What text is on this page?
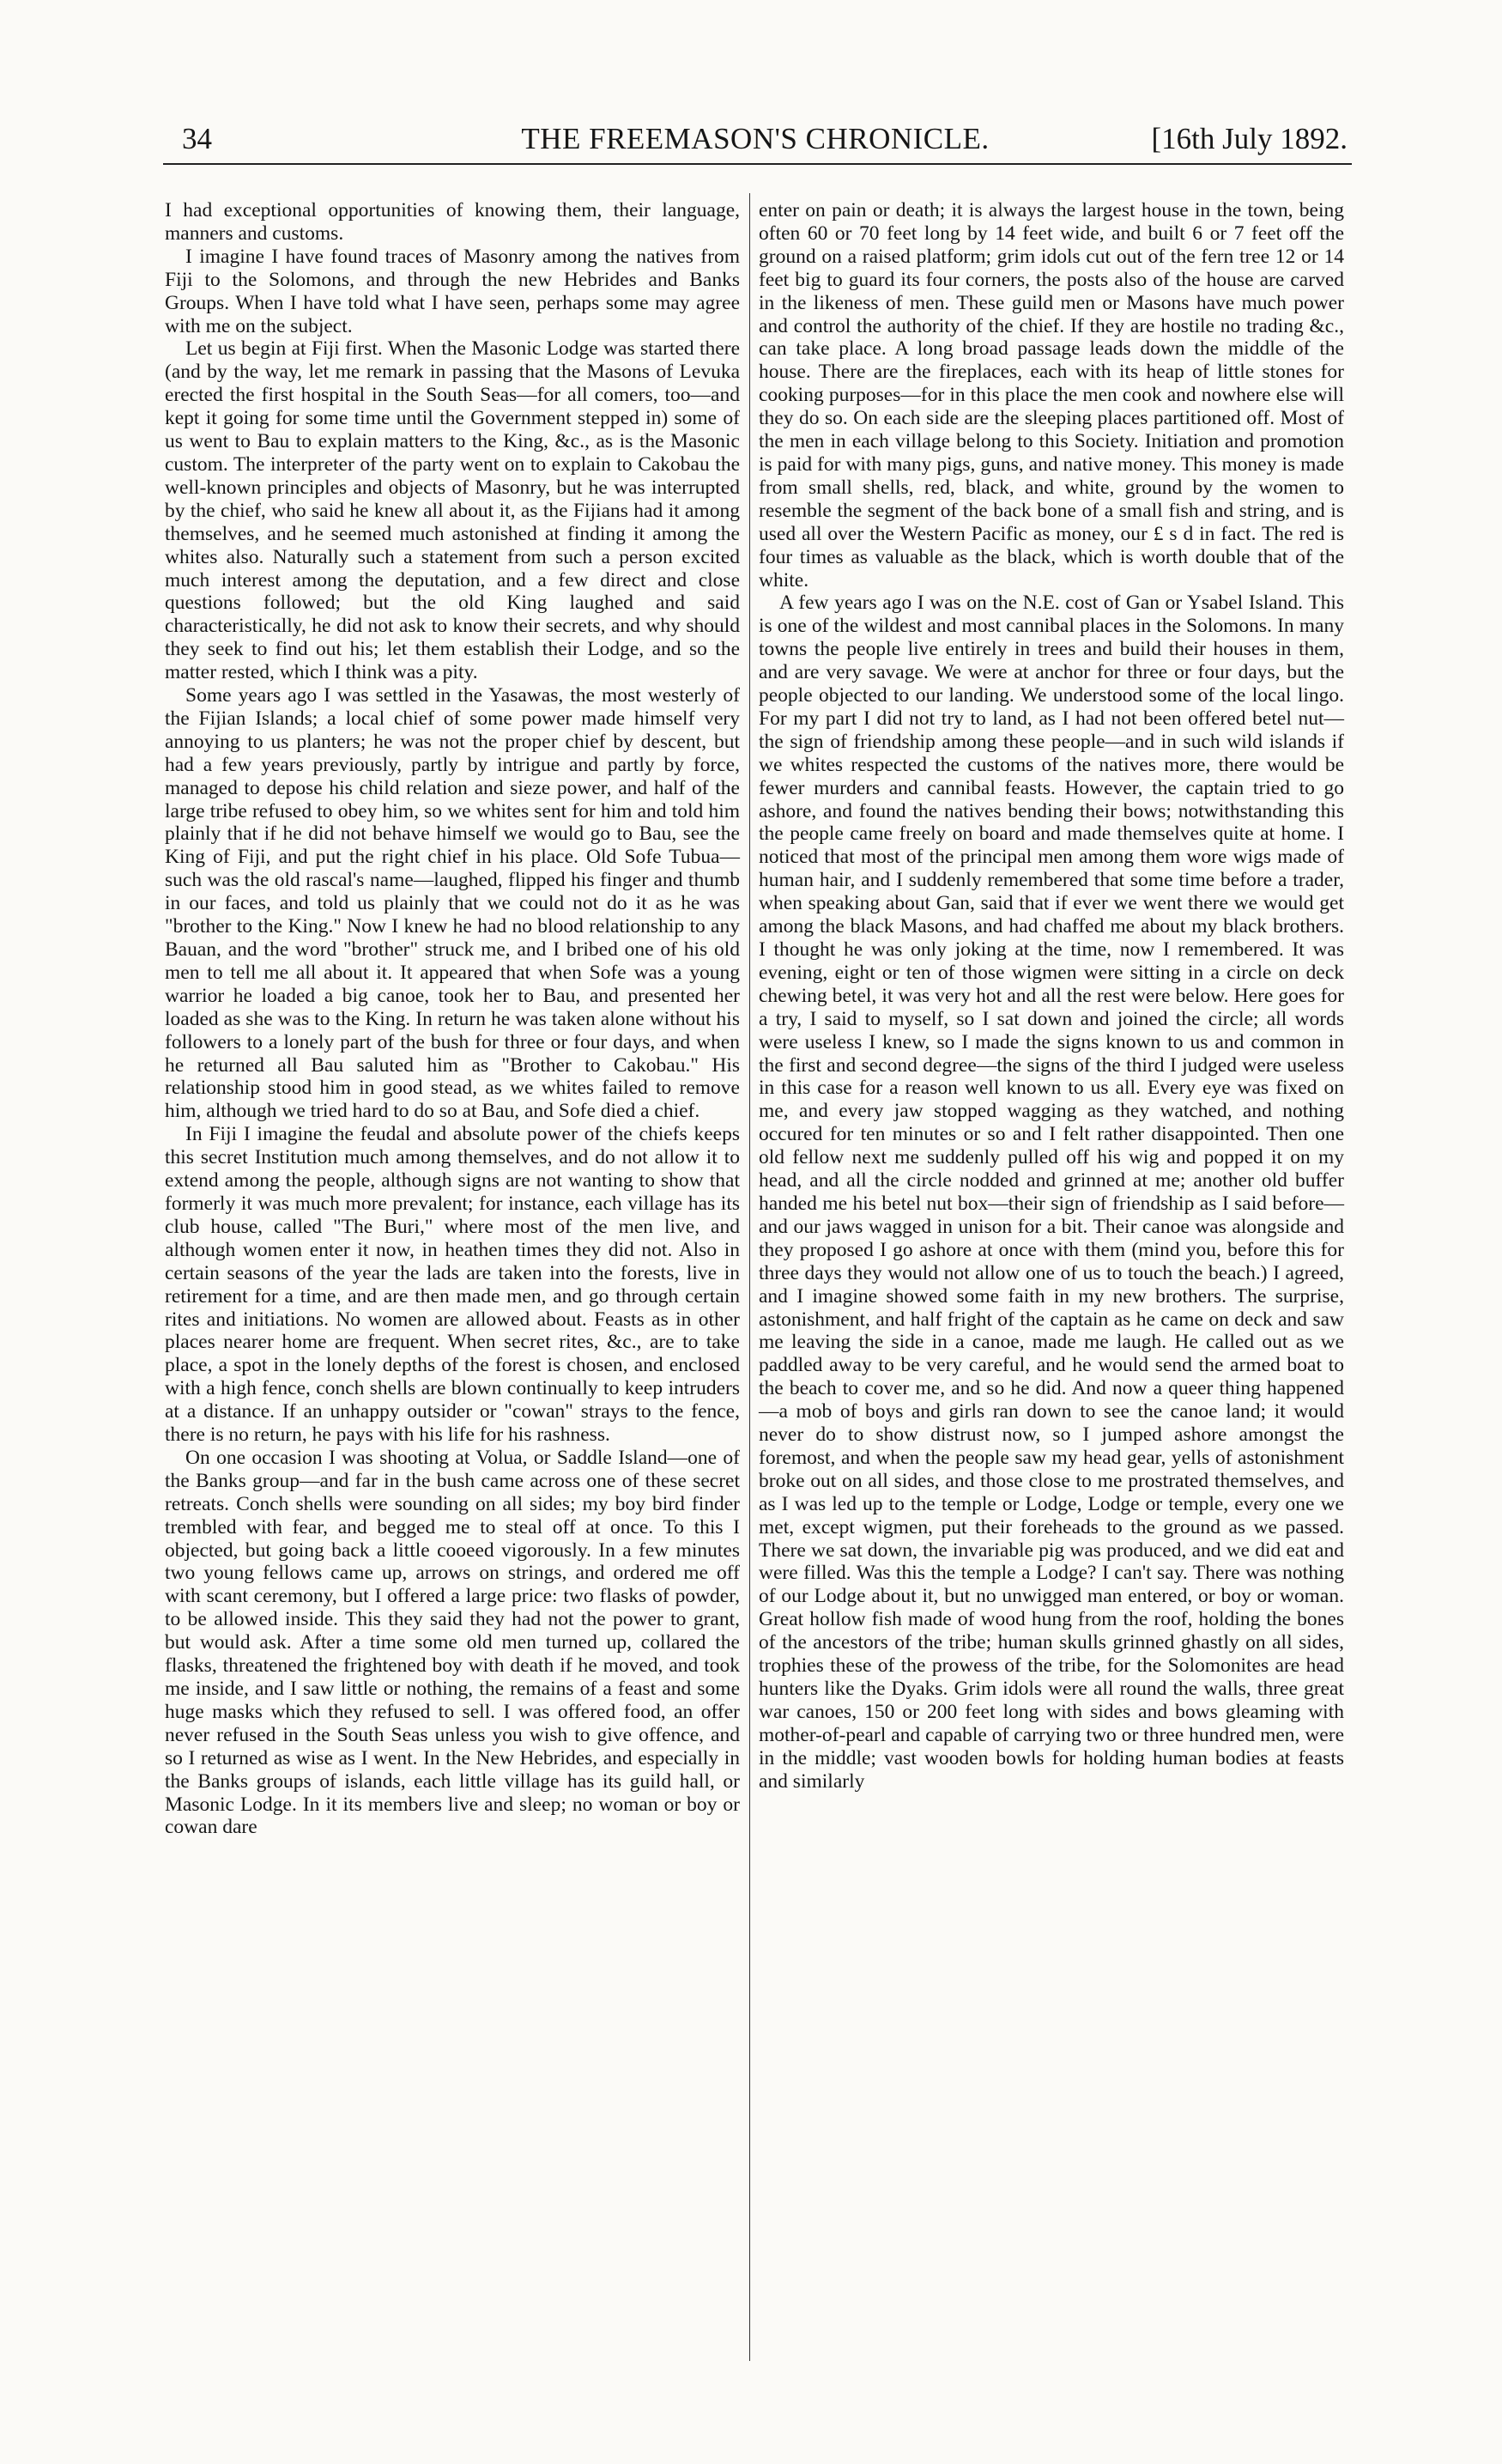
34	THE FREEMASON'S CHRONICLE.	[16th July 1892.

I had exceptional opportunities of knowing them, their language, manners and customs.

I imagine I have found traces of Masonry among the natives from Fiji to the Solomons, and through the new Hebrides and Banks Groups. When I have told what I have seen, perhaps some may agree with me on the subject.

Let us begin at Fiji first. When the Masonic Lodge was started there (and by the way, let me remark in passing that the Masons of Levuka erected the first hospital in the South Seas—for all comers, too—and kept it going for some time until the Government stepped in) some of us went to Bau to explain matters to the King, &c., as is the Masonic custom. The interpreter of the party went on to explain to Cakobau the well-known principles and objects of Masonry, but he was interrupted by the chief, who said he knew all about it, as the Fijians had it among themselves, and he seemed much astonished at finding it among the whites also. Naturally such a statement from such a person excited much interest among the deputation, and a few direct and close questions followed; but the old King laughed and said characteristically, he did not ask to know their secrets, and why should they seek to find out his; let them establish their Lodge, and so the matter rested, which I think was a pity.

Some years ago I was settled in the Yasawas, the most westerly of the Fijian Islands; a local chief of some power made himself very annoying to us planters; he was not the proper chief by descent, but had a few years previously, partly by intrigue and partly by force, managed to depose his child relation and sieze power, and half of the large tribe refused to obey him, so we whites sent for him and told him plainly that if he did not behave himself we would go to Bau, see the King of Fiji, and put the right chief in his place. Old Sofe Tubua—such was the old rascal's name—laughed, flipped his finger and thumb in our faces, and told us plainly that we could not do it as he was "brother to the King." Now I knew he had no blood relationship to any Bauan, and the word "brother" struck me, and I bribed one of his old men to tell me all about it. It appeared that when Sofe was a young warrior he loaded a big canoe, took her to Bau, and presented her loaded as she was to the King. In return he was taken alone without his followers to a lonely part of the bush for three or four days, and when he returned all Bau saluted him as "Brother to Cakobau." His relationship stood him in good stead, as we whites failed to remove him, although we tried hard to do so at Bau, and Sofe died a chief.

In Fiji I imagine the feudal and absolute power of the chiefs keeps this secret Institution much among themselves, and do not allow it to extend among the people, although signs are not wanting to show that formerly it was much more prevalent; for instance, each village has its club house, called "The Buri," where most of the men live, and although women enter it now, in heathen times they did not. Also in certain seasons of the year the lads are taken into the forests, live in retirement for a time, and are then made men, and go through certain rites and initiations. No women are allowed about. Feasts as in other places nearer home are frequent. When secret rites, &c., are to take place, a spot in the lonely depths of the forest is chosen, and enclosed with a high fence, conch shells are blown continually to keep intruders at a distance. If an unhappy outsider or "cowan" strays to the fence, there is no return, he pays with his life for his rashness.

On one occasion I was shooting at Volua, or Saddle Island—one of the Banks group—and far in the bush came across one of these secret retreats. Conch shells were sounding on all sides; my boy bird finder trembled with fear, and begged me to steal off at once. To this I objected, but going back a little cooeed vigorously. In a few minutes two young fellows came up, arrows on strings, and ordered me off with scant ceremony, but I offered a large price: two flasks of powder, to be allowed inside. This they said they had not the power to grant, but would ask. After a time some old men turned up, collared the flasks, threatened the frightened boy with death if he moved, and took me inside, and I saw little or nothing, the remains of a feast and some huge masks which they refused to sell. I was offered food, an offer never refused in the South Seas unless you wish to give offence, and so I returned as wise as I went. In the New Hebrides, and especially in the Banks groups of islands, each little village has its guild hall, or Masonic Lodge. In it its members live and sleep; no woman or boy or cowan dare

enter on pain or death; it is always the largest house in the town, being often 60 or 70 feet long by 14 feet wide, and built 6 or 7 feet off the ground on a raised platform; grim idols cut out of the fern tree 12 or 14 feet big to guard its four corners, the posts also of the house are carved in the likeness of men. These guild men or Masons have much power and control the authority of the chief. If they are hostile no trading &c., can take place. A long broad passage leads down the middle of the house. There are the fireplaces, each with its heap of little stones for cooking purposes—for in this place the men cook and nowhere else will they do so. On each side are the sleeping places partitioned off. Most of the men in each village belong to this Society. Initiation and promotion is paid for with many pigs, guns, and native money. This money is made from small shells, red, black, and white, ground by the women to resemble the segment of the back bone of a small fish and string, and is used all over the Western Pacific as money, our £ s d in fact. The red is four times as valuable as the black, which is worth double that of the white.

A few years ago I was on the N.E. cost of Gan or Ysabel Island. This is one of the wildest and most cannibal places in the Solomons. In many towns the people live entirely in trees and build their houses in them, and are very savage. We were at anchor for three or four days, but the people objected to our landing. We understood some of the local lingo. For my part I did not try to land, as I had not been offered betel nut—the sign of friendship among these people—and in such wild islands if we whites respected the customs of the natives more, there would be fewer murders and cannibal feasts. However, the captain tried to go ashore, and found the natives bending their bows; notwithstanding this the people came freely on board and made themselves quite at home. I noticed that most of the principal men among them wore wigs made of human hair, and I suddenly remembered that some time before a trader, when speaking about Gan, said that if ever we went there we would get among the black Masons, and had chaffed me about my black brothers. I thought he was only joking at the time, now I remembered. It was evening, eight or ten of those wigmen were sitting in a circle on deck chewing betel, it was very hot and all the rest were below. Here goes for a try, I said to myself, so I sat down and joined the circle; all words were useless I knew, so I made the signs known to us and common in the first and second degree—the signs of the third I judged were useless in this case for a reason well known to us all. Every eye was fixed on me, and every jaw stopped wagging as they watched, and nothing occured for ten minutes or so and I felt rather disappointed. Then one old fellow next me suddenly pulled off his wig and popped it on my head, and all the circle nodded and grinned at me; another old buffer handed me his betel nut box—their sign of friendship as I said before—and our jaws wagged in unison for a bit. Their canoe was alongside and they proposed I go ashore at once with them (mind you, before this for three days they would not allow one of us to touch the beach.) I agreed, and I imagine showed some faith in my new brothers. The surprise, astonishment, and half fright of the captain as he came on deck and saw me leaving the side in a canoe, made me laugh. He called out as we paddled away to be very careful, and he would send the armed boat to the beach to cover me, and so he did. And now a queer thing happened—a mob of boys and girls ran down to see the canoe land; it would never do to show distrust now, so I jumped ashore amongst the foremost, and when the people saw my head gear, yells of astonishment broke out on all sides, and those close to me prostrated themselves, and as I was led up to the temple or Lodge, Lodge or temple, every one we met, except wigmen, put their foreheads to the ground as we passed. There we sat down, the invariable pig was produced, and we did eat and were filled. Was this the temple a Lodge? I can't say. There was nothing of our Lodge about it, but no unwigged man entered, or boy or woman. Great hollow fish made of wood hung from the roof, holding the bones of the ancestors of the tribe; human skulls grinned ghastly on all sides, trophies these of the prowess of the tribe, for the Solomonites are head hunters like the Dyaks. Grim idols were all round the walls, three great war canoes, 150 or 200 feet long with sides and bows gleaming with mother-of-pearl and capable of carrying two or three hundred men, were in the middle; vast wooden bowls for holding human bodies at feasts and similarly
